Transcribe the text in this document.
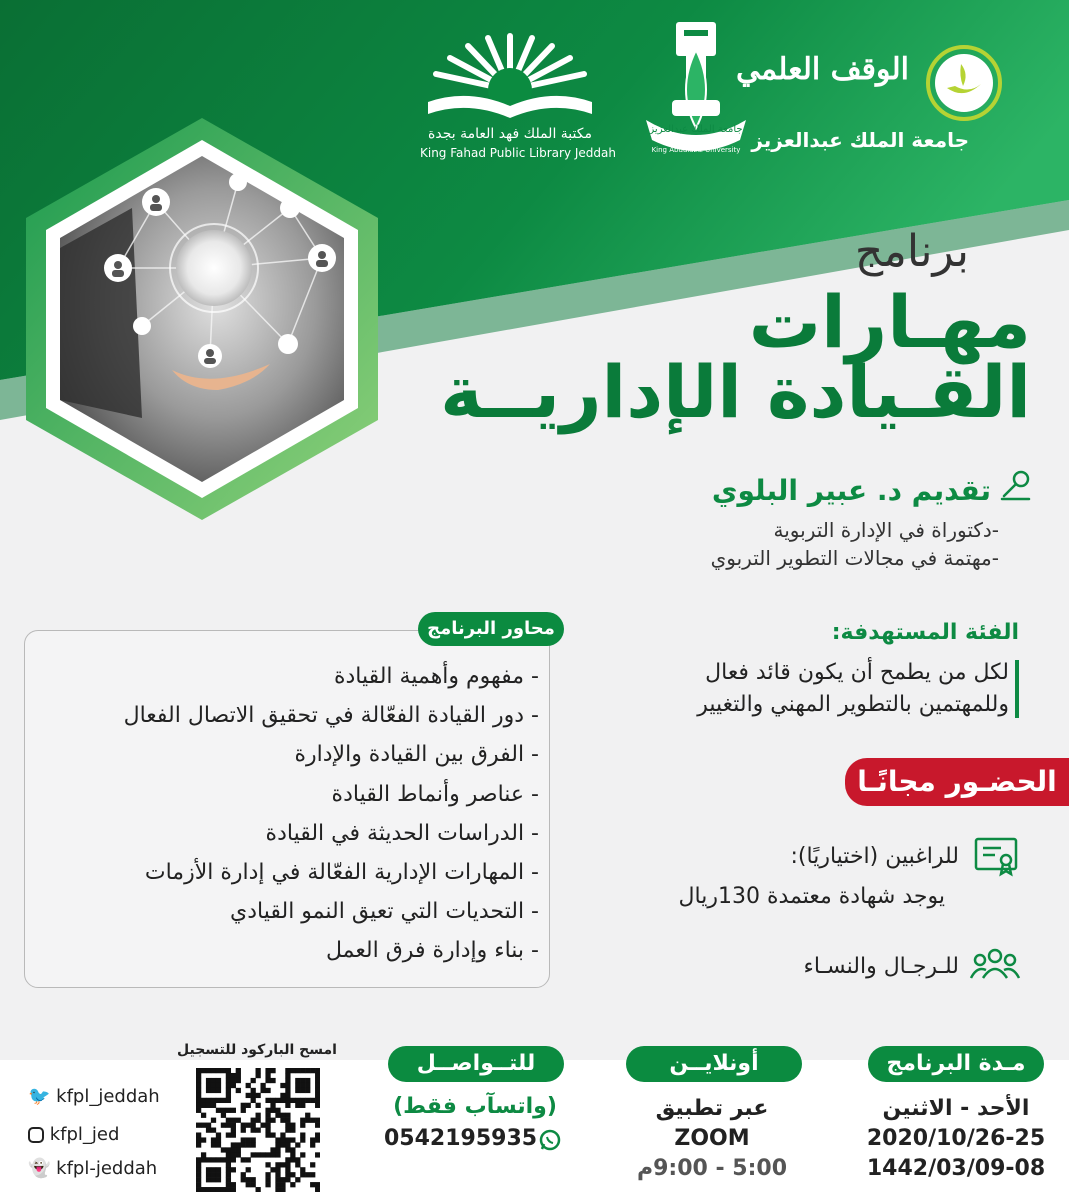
الوقف العلمي
جامعة الملك عبدالعزيز
جامعة الملك عبدالعزيز
King Abdulaziz University
مكتبة الملك فهد العامة بجدة
King Fahad Public Library Jeddah
برنامج
مهـارات
القـيادة الإداريــة
تقديم د. عبير البلوي
-دكتوراة في الإدارة التربوية
-مهتمة في مجالات التطوير التربوي
محاور البرنامج
- مفهوم وأهمية القيادة
- دور القيادة الفعّالة في تحقيق الاتصال الفعال
- الفرق بين القيادة والإدارة
- عناصر وأنماط القيادة
- الدراسات الحديثة في القيادة
- المهارات الإدارية الفعّالة في إدارة الأزمات
- التحديات التي تعيق النمو القيادي
- بناء وإدارة فرق العمل
الفئة المستهدفة:
لكل من يطمح أن يكون قائد فعال
وللمهتمين بالتطوير المهني والتغيير
الحضـور مجانًـا
للراغبين (اختياريًا):
يوجد شهادة معتمدة 130ريال
للـرجـال والنسـاء
مـدة البرنامج
الأحد - الاثنين
2020/10/26-25
1442/03/09-08
أونلايــن
عبر تطبيق
ZOOM
5:00 - 9:00م
للتــواصــل
(واتسآب فقط)
0542195935
امسح الباركود للتسجيل
🐦 kfpl_jeddah
kfpl_jed
👻 kfpl-jeddah
